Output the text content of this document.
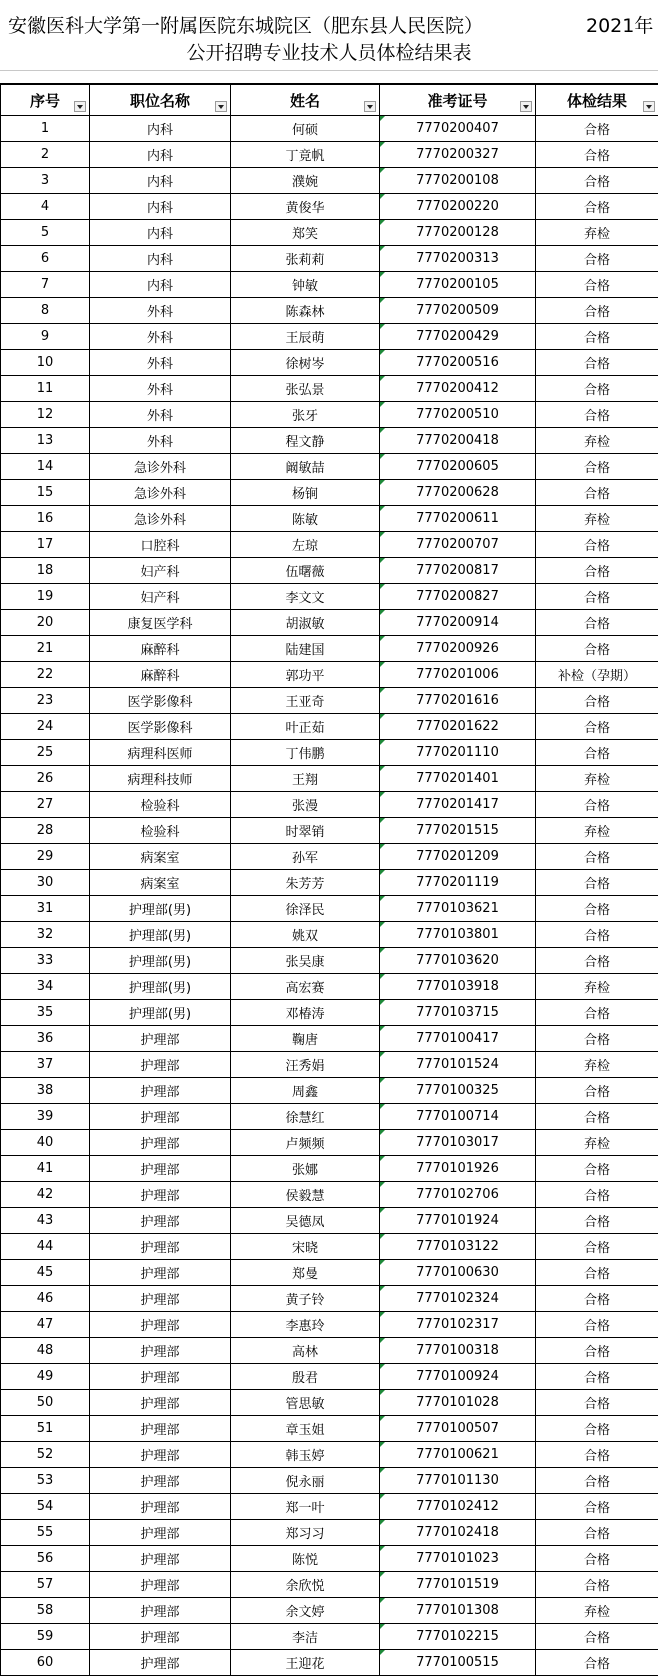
安徽医科大学第一附属医院东城院区（肥东县人民医院）	2021年
公开招聘专业技术人员体检结果表
序号	职位名称	姓名	准考证号	体检结果

1	内科	何硕	7770200407	合格
2	内科	丁竟帆	7770200327	合格
3	内科	濮婉	7770200108	合格
4	内科	黄俊华	7770200220	合格
5	内科	郑笑	7770200128	弃检
6	内科	张莉莉	7770200313	合格
7	内科	钟敏	7770200105	合格
8	外科	陈森林	7770200509	合格
9	外科	王辰萌	7770200429	合格
10	外科	徐树岑	7770200516	合格
11	外科	张弘景	7770200412	合格
12	外科	张牙	7770200510	合格
13	外科	程文静	7770200418	弃检
14	急诊外科	阚敏喆	7770200605	合格
15	急诊外科	杨锏	7770200628	合格
16	急诊外科	陈敏	7770200611	弃检
17	口腔科	左琼	7770200707	合格
18	妇产科	伍曙薇	7770200817	合格
19	妇产科	李文文	7770200827	合格
20	康复医学科	胡淑敏	7770200914	合格
21	麻醉科	陆建国	7770200926	合格
22	麻醉科	郭功平	7770201006	补检（孕期）
23	医学影像科	王亚奇	7770201616	合格
24	医学影像科	叶正茹	7770201622	合格
25	病理科医师	丁伟鹏	7770201110	合格
26	病理科技师	王翔	7770201401	弃检
27	检验科	张漫	7770201417	合格
28	检验科	时翠销	7770201515	弃检
29	病案室	孙军	7770201209	合格
30	病案室	朱芳芳	7770201119	合格
31	护理部(男)	徐泽民	7770103621	合格
32	护理部(男)	姚双	7770103801	合格
33	护理部(男)	张吴康	7770103620	合格
34	护理部(男)	高宏赛	7770103918	弃检
35	护理部(男)	邓椿涛	7770103715	合格
36	护理部	鞠唐	7770100417	合格
37	护理部	汪秀娟	7770101524	弃检
38	护理部	周鑫	7770100325	合格
39	护理部	徐慧红	7770100714	合格
40	护理部	卢频频	7770103017	弃检
41	护理部	张娜	7770101926	合格
42	护理部	侯毅慧	7770102706	合格
43	护理部	吴德凤	7770101924	合格
44	护理部	宋晓	7770103122	合格
45	护理部	郑曼	7770100630	合格
46	护理部	黄子铃	7770102324	合格
47	护理部	李惠玲	7770102317	合格
48	护理部	高林	7770100318	合格
49	护理部	殷君	7770100924	合格
50	护理部	管思敏	7770101028	合格
51	护理部	章玉姐	7770100507	合格
52	护理部	韩玉婷	7770100621	合格
53	护理部	倪永丽	7770101130	合格
54	护理部	郑一叶	7770102412	合格
55	护理部	郑习习	7770102418	合格
56	护理部	陈悦	7770101023	合格
57	护理部	余欣悦	7770101519	合格
58	护理部	余文婷	7770101308	弃检
59	护理部	李洁	7770102215	合格
60	护理部	王迎花	7770100515	合格
